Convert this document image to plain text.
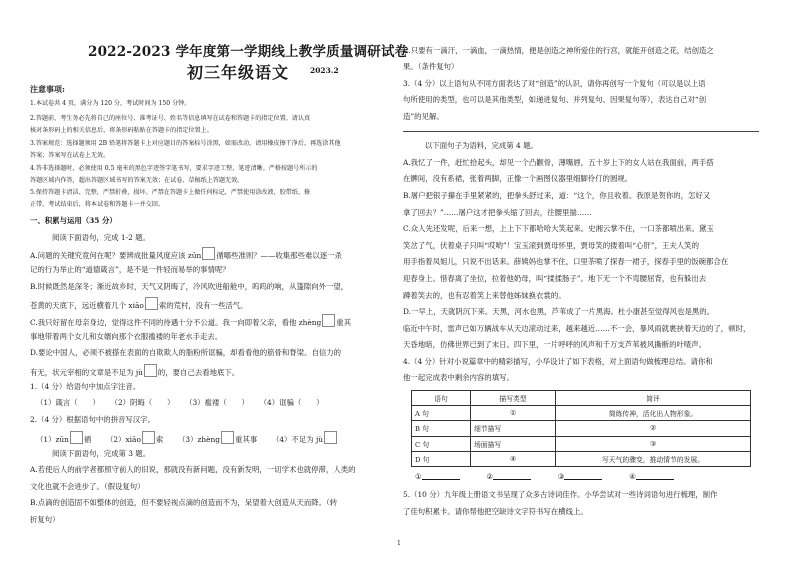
2022-2023 学年度第一学期线上教学质量调研试卷
初三年级语文	2023.2
注意事项:
1.本试卷共 4 页，满分为 120 分，考试时间为 150 分钟。
2.答题前，考生务必先将自己的座位号、准考证号、姓名等信息填写在试卷和答题卡的指定位置。请认真
核对条形码上的相关信息后，将条形码粘贴在答题卡的指定位置上。
3.答案规范：选择题须用 2B 铅笔将答题卡上对应题目的答案标号涂黑，如需改动，请用橡皮擦干净后，再选涂其他
答案；答案写在试卷上无效。
4.答非选择题时，必须使用 0.5 毫米的黑色字迹签字笔书写，要求字迹工整，笔迹清晰。严格按题号所示的
答题区域内作答，超出答题区域书写的答案无效；在试卷、草稿纸上答题无效。
5.保持答题卡清洁、完整，严禁折叠，损坏。严禁在答题卡上做任何标记，严禁使用涂改液、胶带纸、修
正带。考试结束后，将本试卷和答题卡一并交回。
一、积累与运用（35 分）
阅读下面语句，完成 1-2 题。
A.问题的关键究竟何在呢？要辨成批量风度应该 zūn 循哪些准则？——收集那些难以逐一杀
记的行为举止的“道德箴言”，是不是一件轻而易举的事情呢？
B.时候既然是深冬；渐近故乡时，天气又阴晦了，冷风吹进船舱中，呜呜的响，从篷隙向外一望，
苍黄的天底下，远近横着几个 xiāo 索的荒村，没有一些活气。
C.我只好留在母亲身边，觉得这件不同的待遇十分不公道。我一向即着父亲，看他 zhèng 重其
事地带着两个女儿和女婿向那个衣服褴褛的年老水手走去。
D.要论中国人，必须不被搽在表面的自欺欺人的脂粉所诓骗，却看看他的筋骨和脊梁。自信力的
有无，状元宰相的文章是不足为 jù 的，要自己去看地底下。
1.（4 分）给语句中加点字注音。
（1）箴言（　　） （2）阴晦（　　） （3）褴褛（　　） （4）诓骗（　　）
2.（4 分）根据语句中的拼音写汉字。
（1）zūn 循 （2）xiāo 索 （3）zhèng 重其事 （4）不足为 jù
阅读下面语句，完成第 3 题。
A.若使后人的前学者都照守前人的旧说，那就没有新问题，没有新发明，一切学术也就停滞，人类的
文化也就不会进步了。（假设复句）
B.点滴的创造固不如整体的创造，但不要轻视点滴的创造而不为，呆望着大创造从天而降。（转
折复句）
C.只要有一滴汗，一滴血，一滴热情，便是创造之神所爱住的行宫，就能开创造之花，结创造之
果。（条件复句）
3.（4 分）以上语句从不同方面表达了对“创造”的认识，请你再创写一个复句（可以是以上语
句所使用的类型，也可以是其他类型，如递进复句、并列复句、因果复句等），表达自己对“创
造”的见解。
以下面句子为语料，完成第 4 题。
A.我忆了一件，赶忙拾起头，却见一个凸颧骨，薄嘴唇，五十岁上下的女人站在我面前，两手搭
在髀间，没有系裙，张着两脚，正像一个画图仪器里细脚伶仃的圆规。
B.屠户把银子攥在手里紧紧的，把拳头舒过来，道：“这个，你且收着。我原是贺你的，怎好又
拿了回去？”……屠户这才把拳头缩了回去，往腰里揣……
C.众人先还发呢，后来一想，上上下下都哈哈大笑起来。史湘云掌不住，一口茶都喷出来。黛玉
笑岔了气，伏着桌子只叫“哎哟”！宝玉滚到贾母怀里，贾母笑的搂着叫“心肝”，王夫人笑的
用手指着凤姐儿，只说不出话来。薛姨妈也掌不住，口里茶喷了探春一裙子，探春手里的饭碗都合在
迎春身上。惜春离了坐位，拉着他奶母，叫“揉揉肠子”。地下无一个不弯腰屈背，也有躲出去
蹲着笑去的，也有忍着笑上来替他姊妹换衣裳的。
D.一早上，天就阴沉下来。天黑，河水也黑，芦苇成了一片黑海。杜小康甚至觉得风也是黑的。
临近中午时，雷声已如万辆战车从天边滚动过来，越来越近……不一会，暴风雨就裹挟着天边的了，顿时，
天昏地暗，仿佛世界已到了末日。四下里，一片呼呼的风声和千万支芦苇被风撕断的叶喳声。
4.（4 分）针对小说篇章中的精彩描写，小华设计了如下表格，对上面语句做梳理总结。请你和
他一起完成表中剩余内容的填写。
语句	描写类型	简评
A 句	①	简练传神，活化出人物形象。
B 句	细节描写	②
C 句	场面描写	③
D 句	④	写天气的骤变，推动情节的发展。
①	②	③	④
5.（10 分）九年级上册语文书呈现了众多古诗词佳作。小华尝试对一些诗词语句进行梳理，制作
了佳句积累卡。请你帮他把空缺诗文字符书写在横线上。
1
